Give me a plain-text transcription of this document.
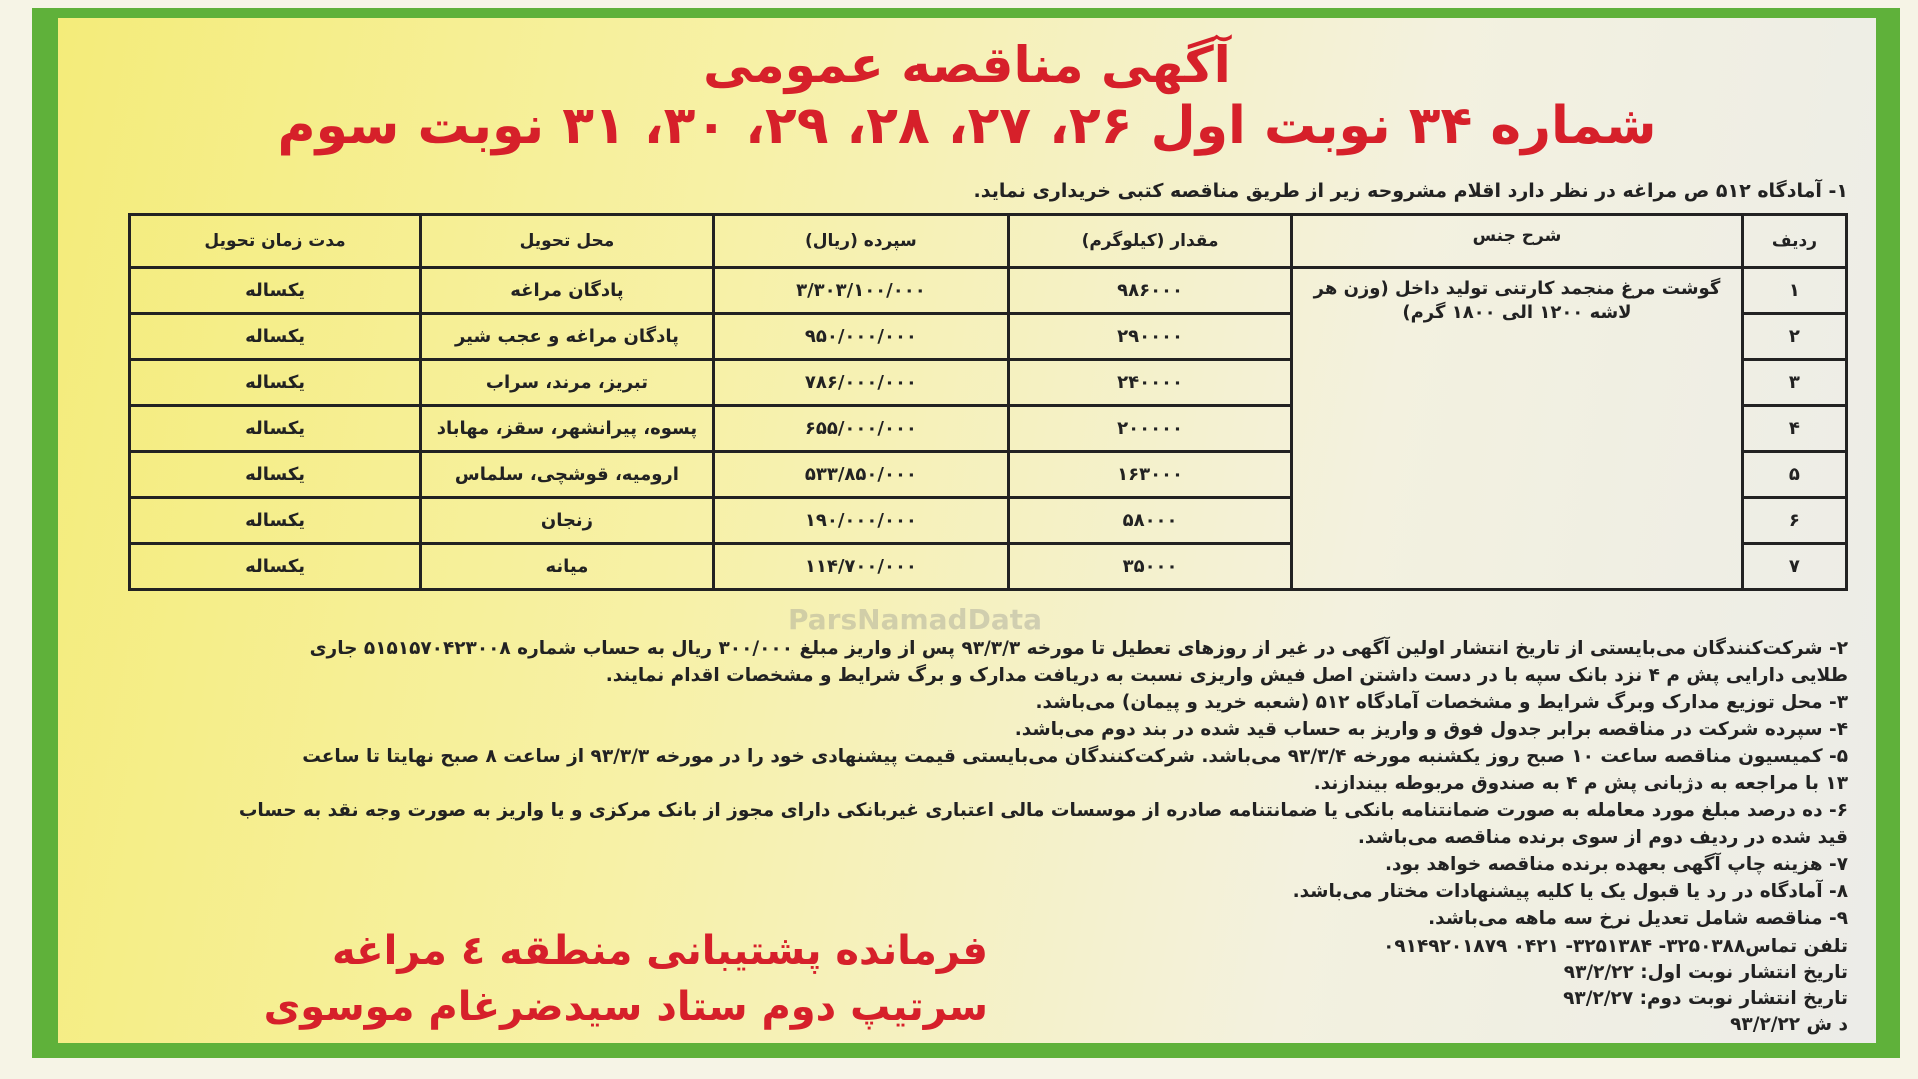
آگهی مناقصه عمومی
شماره ۳۴ نوبت اول ۲۶، ۲۷، ۲۸، ۲۹، ۳۰، ۳۱ نوبت سوم
۱- آمادگاه ۵۱۲ ص مراغه در نظر دارد اقلام مشروحه زیر از طریق مناقصه کتبی خریداری نماید.
ردیف	شرح جنس	مقدار (کیلوگرم)	سپرده (ریال)	محل تحویل	مدت زمان تحویل
۱	گوشت مرغ منجمد کارتنی تولید داخل (وزن هر لاشه ۱۲۰۰ الی ۱۸۰۰ گرم)	۹۸۶۰۰۰	۳/۳۰۳/۱۰۰/۰۰۰	پادگان مراغه	یکساله
۲		۲۹۰۰۰۰	۹۵۰/۰۰۰/۰۰۰	پادگان مراغه و عجب شیر	یکساله
۳		۲۴۰۰۰۰	۷۸۶/۰۰۰/۰۰۰	تبریز، مرند، سراب	یکساله
۴		۲۰۰۰۰۰	۶۵۵/۰۰۰/۰۰۰	پسوه، پیرانشهر، سقز، مهاباد	یکساله
۵		۱۶۳۰۰۰	۵۳۳/۸۵۰/۰۰۰	ارومیه، قوشچی، سلماس	یکساله
۶		۵۸۰۰۰	۱۹۰/۰۰۰/۰۰۰	زنجان	یکساله
۷		۳۵۰۰۰	۱۱۴/۷۰۰/۰۰۰	میانه	یکساله
۲- شرکت‌کنندگان می‌بایستی از تاریخ انتشار اولین آگهی در غیر از روزهای تعطیل تا مورخه ۹۳/۳/۳ پس از واریز مبلغ ۳۰۰/۰۰۰ ریال به حساب شماره ۵۱۵۱۵۷۰۴۲۳۰۰۸ جاری
طلایی دارایی پش م ۴ نزد بانک سپه با در دست داشتن اصل فیش واریزی نسبت به دریافت مدارک و برگ شرایط و مشخصات اقدام نمایند.
۳- محل توزیع مدارک وبرگ شرایط و مشخصات آمادگاه ۵۱۲ (شعبه خرید و پیمان) می‌باشد.
۴- سپرده شرکت در مناقصه برابر جدول فوق و واریز به حساب قید شده در بند دوم می‌باشد.
۵- کمیسیون مناقصه ساعت ۱۰ صبح روز یکشنبه مورخه ۹۳/۳/۴ می‌باشد. شرکت‌کنندگان می‌بایستی قیمت پیشنهادی خود را در مورخه ۹۳/۳/۳ از ساعت ۸ صبح نهایتا تا ساعت
۱۳ با مراجعه به دژبانی پش م ۴ به صندوق مربوطه بیندازند.
۶- ده درصد مبلغ مورد معامله به صورت ضمانتنامه بانکی یا ضمانتنامه صادره از موسسات مالی اعتباری غیربانکی دارای مجوز از بانک مرکزی و یا واریز به صورت وجه نقد به حساب
قید شده در ردیف دوم از سوی برنده مناقصه می‌باشد.
۷- هزینه چاپ آگهی بعهده برنده مناقصه خواهد بود.
۸- آمادگاه در رد یا قبول یک یا کلیه پیشنهادات مختار می‌باشد.
۹- مناقصه شامل تعدیل نرخ سه ماهه می‌باشد.
تلفن تماس۳۲۵۰۳۸۸- ۳۲۵۱۳۸۴- ۰۴۲۱ ۰۹۱۴۹۲۰۱۸۷۹
تاریخ انتشار نوبت اول: ۹۳/۲/۲۲
تاریخ انتشار نوبت دوم: ۹۳/۲/۲۷
د ش ۹۳/۲/۲۲
فرمانده پشتیبانی منطقه ٤ مراغه
سرتیپ دوم ستاد سیدضرغام موسوی
ParsNamadData
